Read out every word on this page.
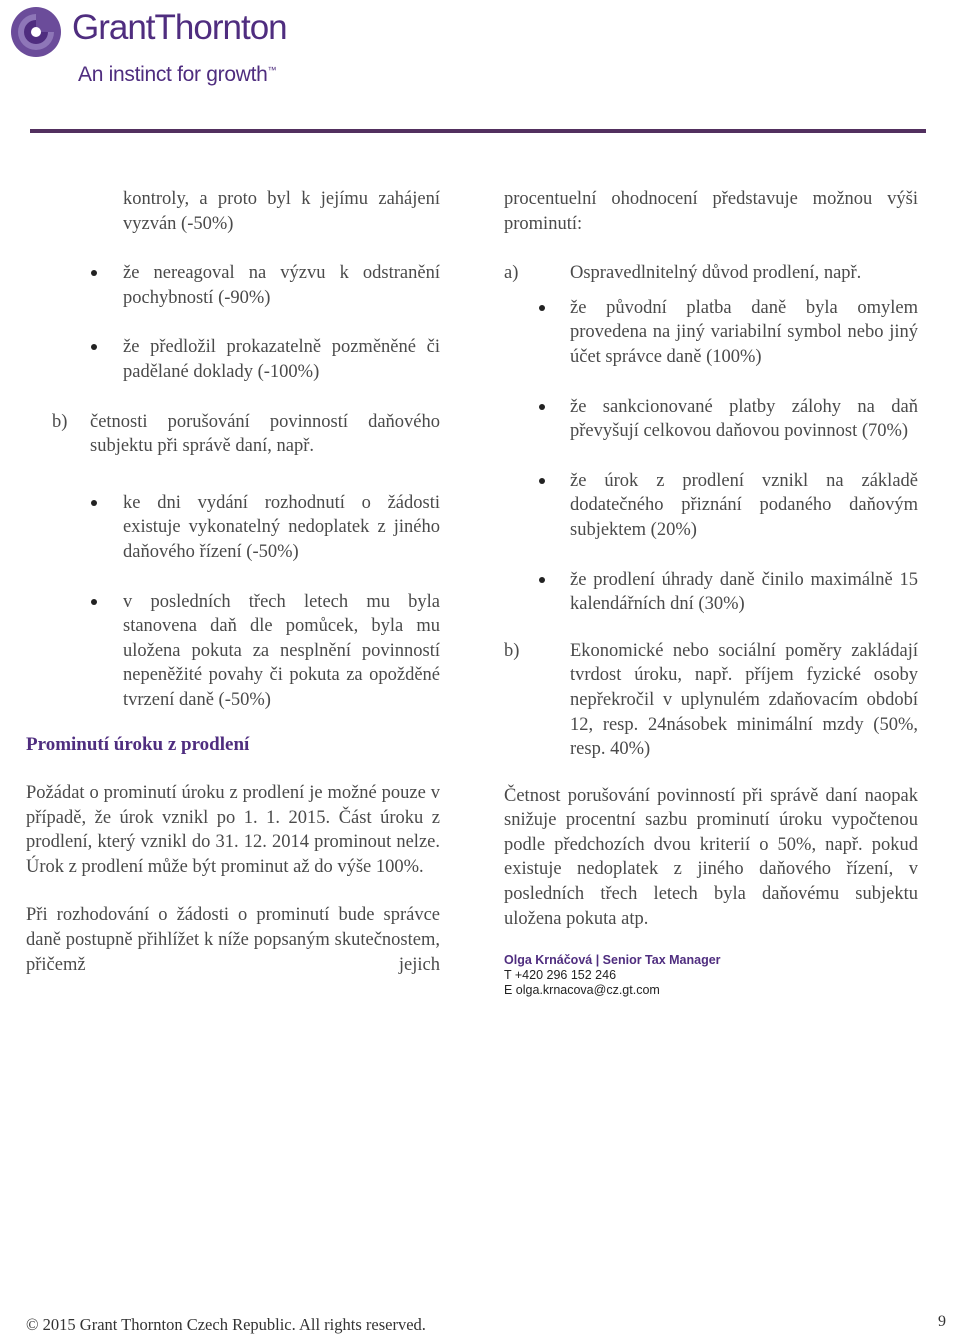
GrantThornton
An instinct for growth™

kontroly, a proto byl k jejímu zahájení vyzván (-50%)

že nereagoval na výzvu k odstranění pochybností (-90%)

že předložil prokazatelně pozměněné či padělané doklady (-100%)

b) četnosti porušování povinností daňového subjektu při správě daní, např.

ke dni vydání rozhodnutí o žádosti existuje vykonatelný nedoplatek z jiného daňového řízení (-50%)

v posledních třech letech mu byla stanovena daň dle pomůcek, byla mu uložena pokuta za nesplnění povinností nepeněžité povahy či pokuta za opožděné tvrzení daně (-50%)

Prominutí úroku z prodlení

Požádat o prominutí úroku z prodlení je možné pouze v případě, že úrok vznikl po 1. 1. 2015. Část úroku z prodlení, který vznikl do 31. 12. 2014 prominout nelze. Úrok z prodlení může být prominut až do výše 100%.

Při rozhodování o žádosti o prominutí bude správce daně postupně přihlížet k níže popsaným skutečnostem, přičemž jejich

procentuelní ohodnocení představuje možnou výši prominutí:

a)	Ospravedlnitelný důvod prodlení, např.

že původní platba daně byla omylem provedena na jiný variabilní symbol nebo jiný účet správce daně (100%)

že sankcionované platby zálohy na daň převyšují celkovou daňovou povinnost (70%)

že úrok z prodlení vznikl na základě dodatečného přiznání podaného daňovým subjektem (20%)

že prodlení úhrady daně činilo maximálně 15 kalendářních dní (30%)

b)	Ekonomické nebo sociální poměry zakládají tvrdost úroku, např. příjem fyzické osoby nepřekročil v uplynulém zdaňovacím období 12, resp. 24násobek minimální mzdy (50%, resp. 40%)

Četnost porušování povinností při správě daní naopak snižuje procentní sazbu prominutí úroku vypočtenou podle předchozích dvou kriterií o 50%, např. pokud existuje nedoplatek z jiného daňového řízení, v posledních třech letech byla daňovému subjektu uložena pokuta atp.

Olga Krnáčová | Senior Tax Manager
T +420 296 152 246
E olga.krnacova@cz.gt.com
© 2015 Grant Thornton Czech Republic. All rights reserved.	9
